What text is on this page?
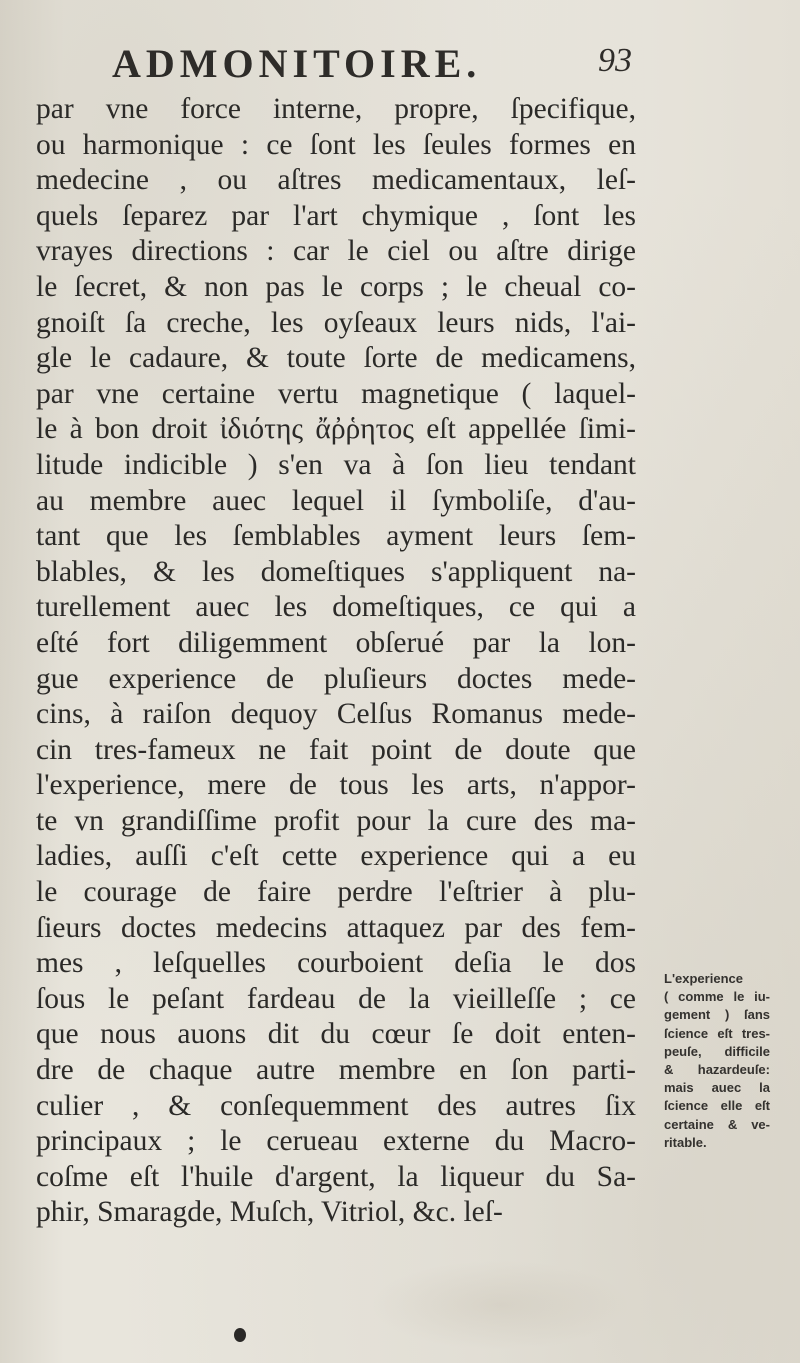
ADMONITOIRE.	93
par vne force interne, propre, ſpecifique,
ou harmonique : ce ſont les ſeules formes en
medecine , ou aſtres medicamentaux, leſ-
quels ſeparez par l'art chymique , ſont les
vrayes directions : car le ciel ou aſtre dirige
le ſecret, & non pas le corps ; le cheual co-
gnoiſt ſa creche, les oyſeaux leurs nids, l'ai-
gle le cadaure, & toute ſorte de medicamens,
par vne certaine vertu magnetique ( laquel-
le à bon droit ἰδιότης ἄῤῥητος eſt appellée ſimi-
litude indicible ) s'en va à ſon lieu tendant
au membre auec lequel il ſymboliſe, d'au-
tant que les ſemblables ayment leurs ſem-
blables, & les domeſtiques s'appliquent na-
turellement auec les domeſtiques, ce qui a
eſté fort diligemment obſerué par la lon-
gue experience de pluſieurs doctes mede-
cins, à raiſon dequoy Celſus Romanus mede-
cin tres-fameux ne fait point de doute que
l'experience, mere de tous les arts, n'appor-
te vn grandiſſime profit pour la cure des ma-
ladies, auſſi c'eſt cette experience qui a eu
le courage de faire perdre l'eſtrier à plu-
ſieurs doctes medecins attaquez par des fem-
mes , leſquelles courboient deſia le dos
ſous le peſant fardeau de la vieilleſſe ; ce
que nous auons dit du cœur ſe doit enten-
dre de chaque autre membre en ſon parti-
culier , & conſequemment des autres ſix
principaux ; le cerueau externe du Macro-
coſme eſt l'huile d'argent, la liqueur du Sa-
phir, Smaragde, Muſch, Vitriol, &c. leſ-
L'experience
( comme le iu-
gement ) ſans
ſcience eſt tres-
peuſe, difficile
& hazardeuſe:
mais auec la
ſcience elle eſt
certaine & ve-
ritable.
